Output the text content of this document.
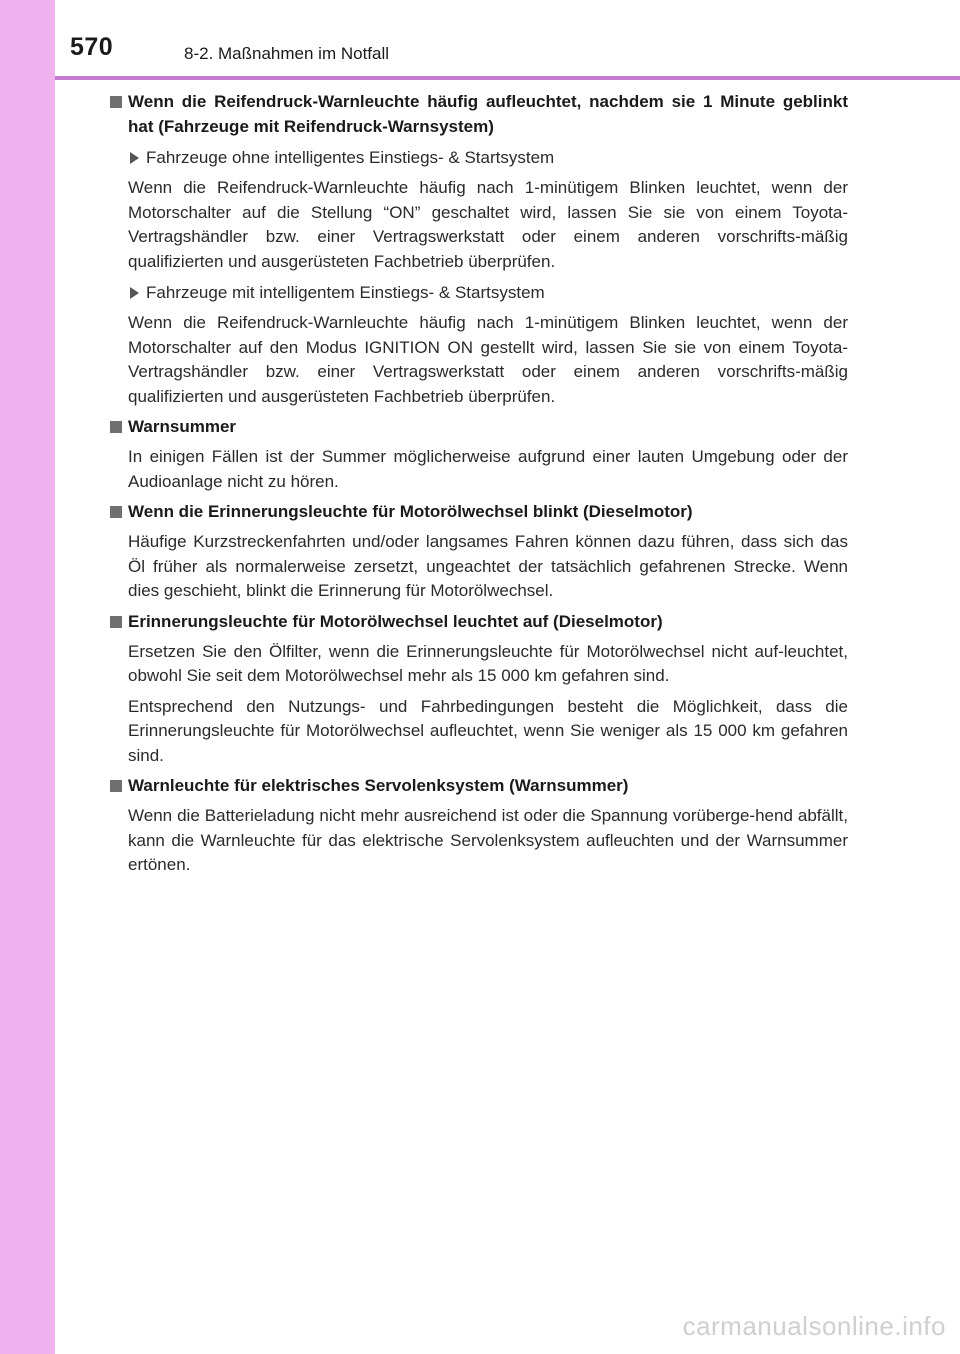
570	8-2. Maßnahmen im Notfall
Wenn die Reifendruck-Warnleuchte häufig aufleuchtet, nachdem sie 1 Minute geblinkt hat (Fahrzeuge mit Reifendruck-Warnsystem)
Fahrzeuge ohne intelligentes Einstiegs- & Startsystem

Wenn die Reifendruck-Warnleuchte häufig nach 1-minütigem Blinken leuchtet, wenn der Motorschalter auf die Stellung “ON” geschaltet wird, lassen Sie sie von einem Toyota-Vertragshändler bzw. einer Vertragswerkstatt oder einem anderen vorschrifts-mäßig qualifizierten und ausgerüsteten Fachbetrieb überprüfen.

Fahrzeuge mit intelligentem Einstiegs- & Startsystem

Wenn die Reifendruck-Warnleuchte häufig nach 1-minütigem Blinken leuchtet, wenn der Motorschalter auf den Modus IGNITION ON gestellt wird, lassen Sie sie von einem Toyota-Vertragshändler bzw. einer Vertragswerkstatt oder einem anderen vorschrifts-mäßig qualifizierten und ausgerüsteten Fachbetrieb überprüfen.

Warnsummer

In einigen Fällen ist der Summer möglicherweise aufgrund einer lauten Umgebung oder der Audioanlage nicht zu hören.

Wenn die Erinnerungsleuchte für Motorölwechsel blinkt (Dieselmotor)

Häufige Kurzstreckenfahrten und/oder langsames Fahren können dazu führen, dass sich das Öl früher als normalerweise zersetzt, ungeachtet der tatsächlich gefahrenen Strecke. Wenn dies geschieht, blinkt die Erinnerung für Motorölwechsel.

Erinnerungsleuchte für Motorölwechsel leuchtet auf (Dieselmotor)

Ersetzen Sie den Ölfilter, wenn die Erinnerungsleuchte für Motorölwechsel nicht auf-leuchtet, obwohl Sie seit dem Motorölwechsel mehr als 15 000 km gefahren sind.

Entsprechend den Nutzungs- und Fahrbedingungen besteht die Möglichkeit, dass die Erinnerungsleuchte für Motorölwechsel aufleuchtet, wenn Sie weniger als 15 000 km gefahren sind.

Warnleuchte für elektrisches Servolenksystem (Warnsummer)

Wenn die Batterieladung nicht mehr ausreichend ist oder die Spannung vorüberge-hend abfällt, kann die Warnleuchte für das elektrische Servolenksystem aufleuchten und der Warnsummer ertönen.

carmanualsonline.info
